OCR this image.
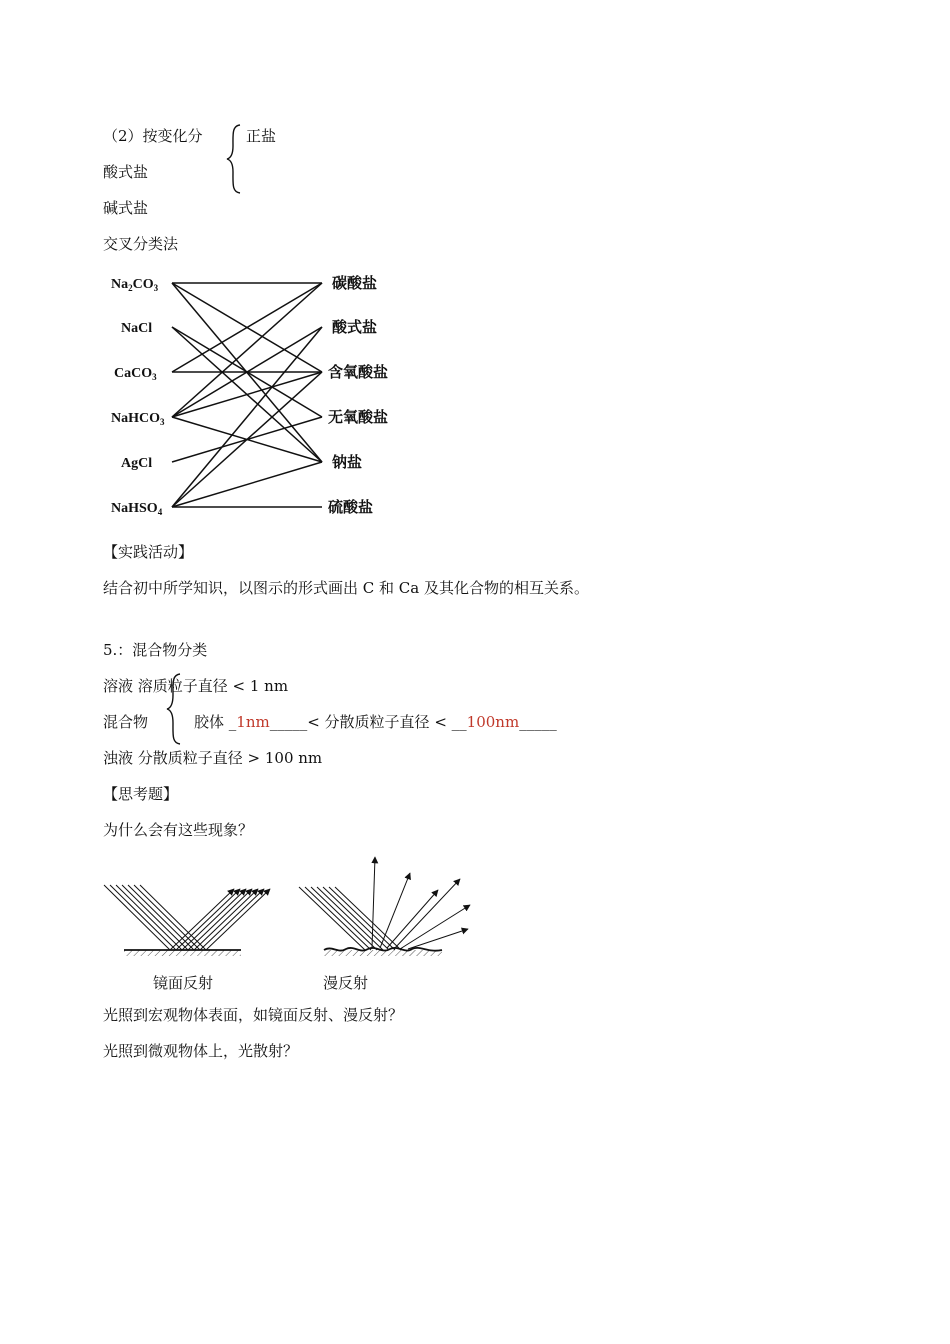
（2）按变化分	正盐
酸式盐
碱式盐
交叉分类法
$Na_2CO_3$
NaCl
CaCO$_3$
NaHCO$_3$
AgCl
NaHSO$_4$
碳酸盐
酸式盐
含氧酸盐
无氧酸盐
钠盐
硫酸盐
【实践活动】
结合初中所学知识，以图示的形式画出 C 和 Ca 及其化合物的相互关系。
5.：混合物分类
溶液 溶质粒子直径 < 1 nm
混合物	胶体 _1nm_____< 分散质粒子直径 < __100nm_____
浊液 分散质粒子直径 > 100 nm
【思考题】
为什么会有这些现象？
镜面反射	漫反射
光照到宏观物体表面，如镜面反射、漫反射？
光照到微观物体上，光散射？
